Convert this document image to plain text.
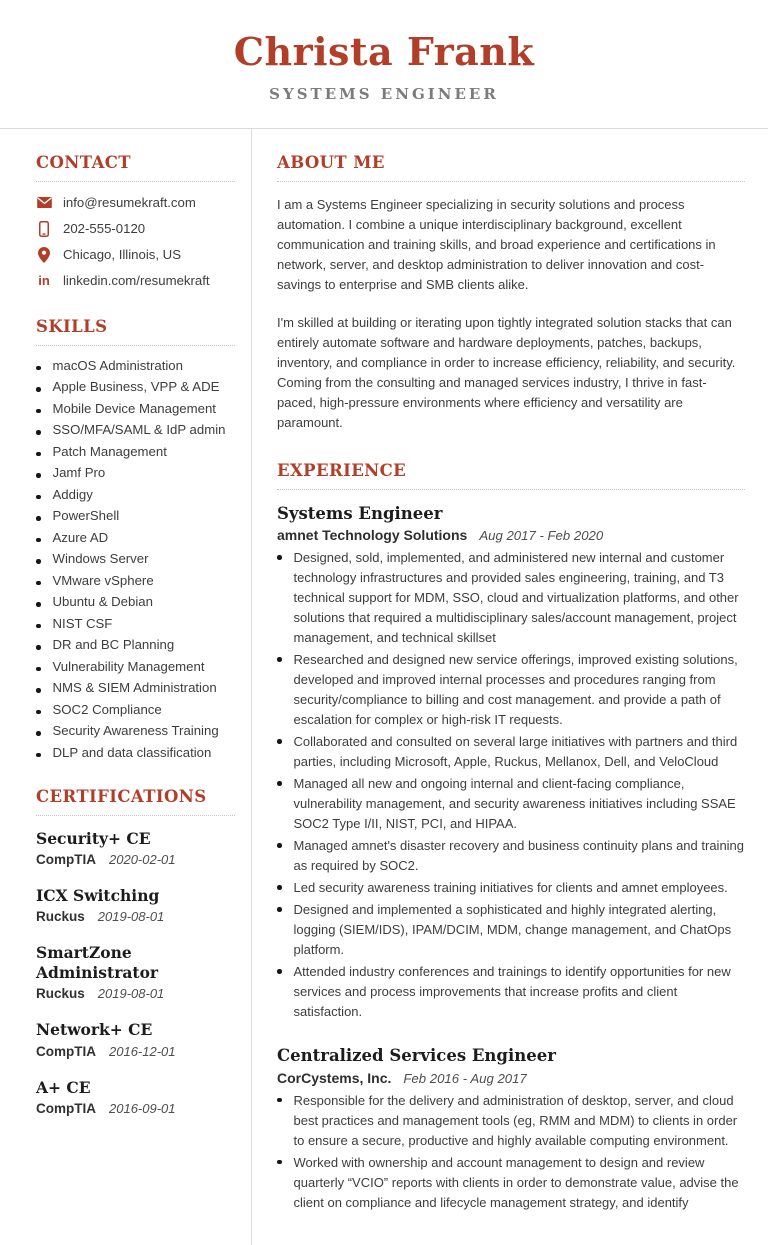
Christa Frank
SYSTEMS ENGINEER
CONTACT
info@resumekraft.com
202-555-0120
Chicago, Illinois, US
in linkedin.com/resumekraft
SKILLS
macOS Administration
Apple Business, VPP & ADE
Mobile Device Management
SSO/MFA/SAML & IdP admin
Patch Management
Jamf Pro
Addigy
PowerShell
Azure AD
Windows Server
VMware vSphere
Ubuntu & Debian
NIST CSF
DR and BC Planning
Vulnerability Management
NMS & SIEM Administration
SOC2 Compliance
Security Awareness Training
DLP and data classification
CERTIFICATIONS
Security+ CE
CompTIA 2020-02-01
ICX Switching
Ruckus 2019-08-01
SmartZone Administrator
Ruckus 2019-08-01
Network+ CE
CompTIA 2016-12-01
A+ CE
CompTIA 2016-09-01
ABOUT ME

I am a Systems Engineer specializing in security solutions and process automation. I combine a unique interdisciplinary background, excellent communication and training skills, and broad experience and certifications in network, server, and desktop administration to deliver innovation and cost-savings to enterprise and SMB clients alike.

I'm skilled at building or iterating upon tightly integrated solution stacks that can entirely automate software and hardware deployments, patches, backups, inventory, and compliance in order to increase efficiency, reliability, and security. Coming from the consulting and managed services industry, I thrive in fast-paced, high-pressure environments where efficiency and versatility are paramount.

EXPERIENCE
Systems Engineer
amnet Technology Solutions Aug 2017 - Feb 2020
Designed, sold, implemented, and administered new internal and customer technology infrastructures and provided sales engineering, training, and T3 technical support for MDM, SSO, cloud and virtualization platforms, and other solutions that required a multidisciplinary sales/account management, project management, and technical skillset
Researched and designed new service offerings, improved existing solutions, developed and improved internal processes and procedures ranging from security/compliance to billing and cost management. and provide a path of escalation for complex or high-risk IT requests.
Collaborated and consulted on several large initiatives with partners and third parties, including Microsoft, Apple, Ruckus, Mellanox, Dell, and VeloCloud
Managed all new and ongoing internal and client-facing compliance, vulnerability management, and security awareness initiatives including SSAE SOC2 Type I/II, NIST, PCI, and HIPAA.
Managed amnet's disaster recovery and business continuity plans and training as required by SOC2.
Led security awareness training initiatives for clients and amnet employees.
Designed and implemented a sophisticated and highly integrated alerting, logging (SIEM/IDS), IPAM/DCIM, MDM, change management, and ChatOps platform.
Attended industry conferences and trainings to identify opportunities for new services and process improvements that increase profits and client satisfaction.
Centralized Services Engineer
CorCystems, Inc. Feb 2016 - Aug 2017
Responsible for the delivery and administration of desktop, server, and cloud best practices and management tools (eg, RMM and MDM) to clients in order to ensure a secure, productive and highly available computing environment.
Worked with ownership and account management to design and review quarterly “VCIO” reports with clients in order to demonstrate value, advise the client on compliance and lifecycle management strategy, and identify
